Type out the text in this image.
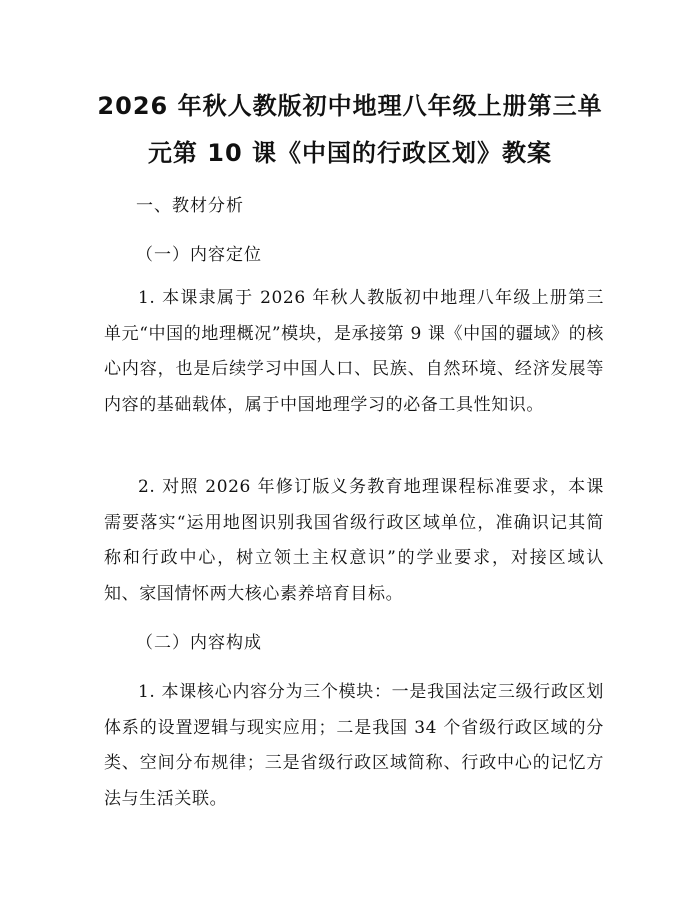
2026 年秋人教版初中地理八年级上册第三单
元第 10 课《中国的行政区划》教案

一、教材分析

（一）内容定位

1. 本课隶属于 2026 年秋人教版初中地理八年级上册第三单元“中国的地理概况”模块，是承接第 9 课《中国的疆域》的核心内容，也是后续学习中国人口、民族、自然环境、经济发展等内容的基础载体，属于中国地理学习的必备工具性知识。

2. 对照 2026 年修订版义务教育地理课程标准要求，本课需要落实“运用地图识别我国省级行政区域单位，准确识记其简称和行政中心，树立领土主权意识”的学业要求，对接区域认知、家国情怀两大核心素养培育目标。

（二）内容构成

1. 本课核心内容分为三个模块：一是我国法定三级行政区划体系的设置逻辑与现实应用；二是我国 34 个省级行政区域的分类、空间分布规律；三是省级行政区域简称、行政中心的记忆方法与生活关联。
